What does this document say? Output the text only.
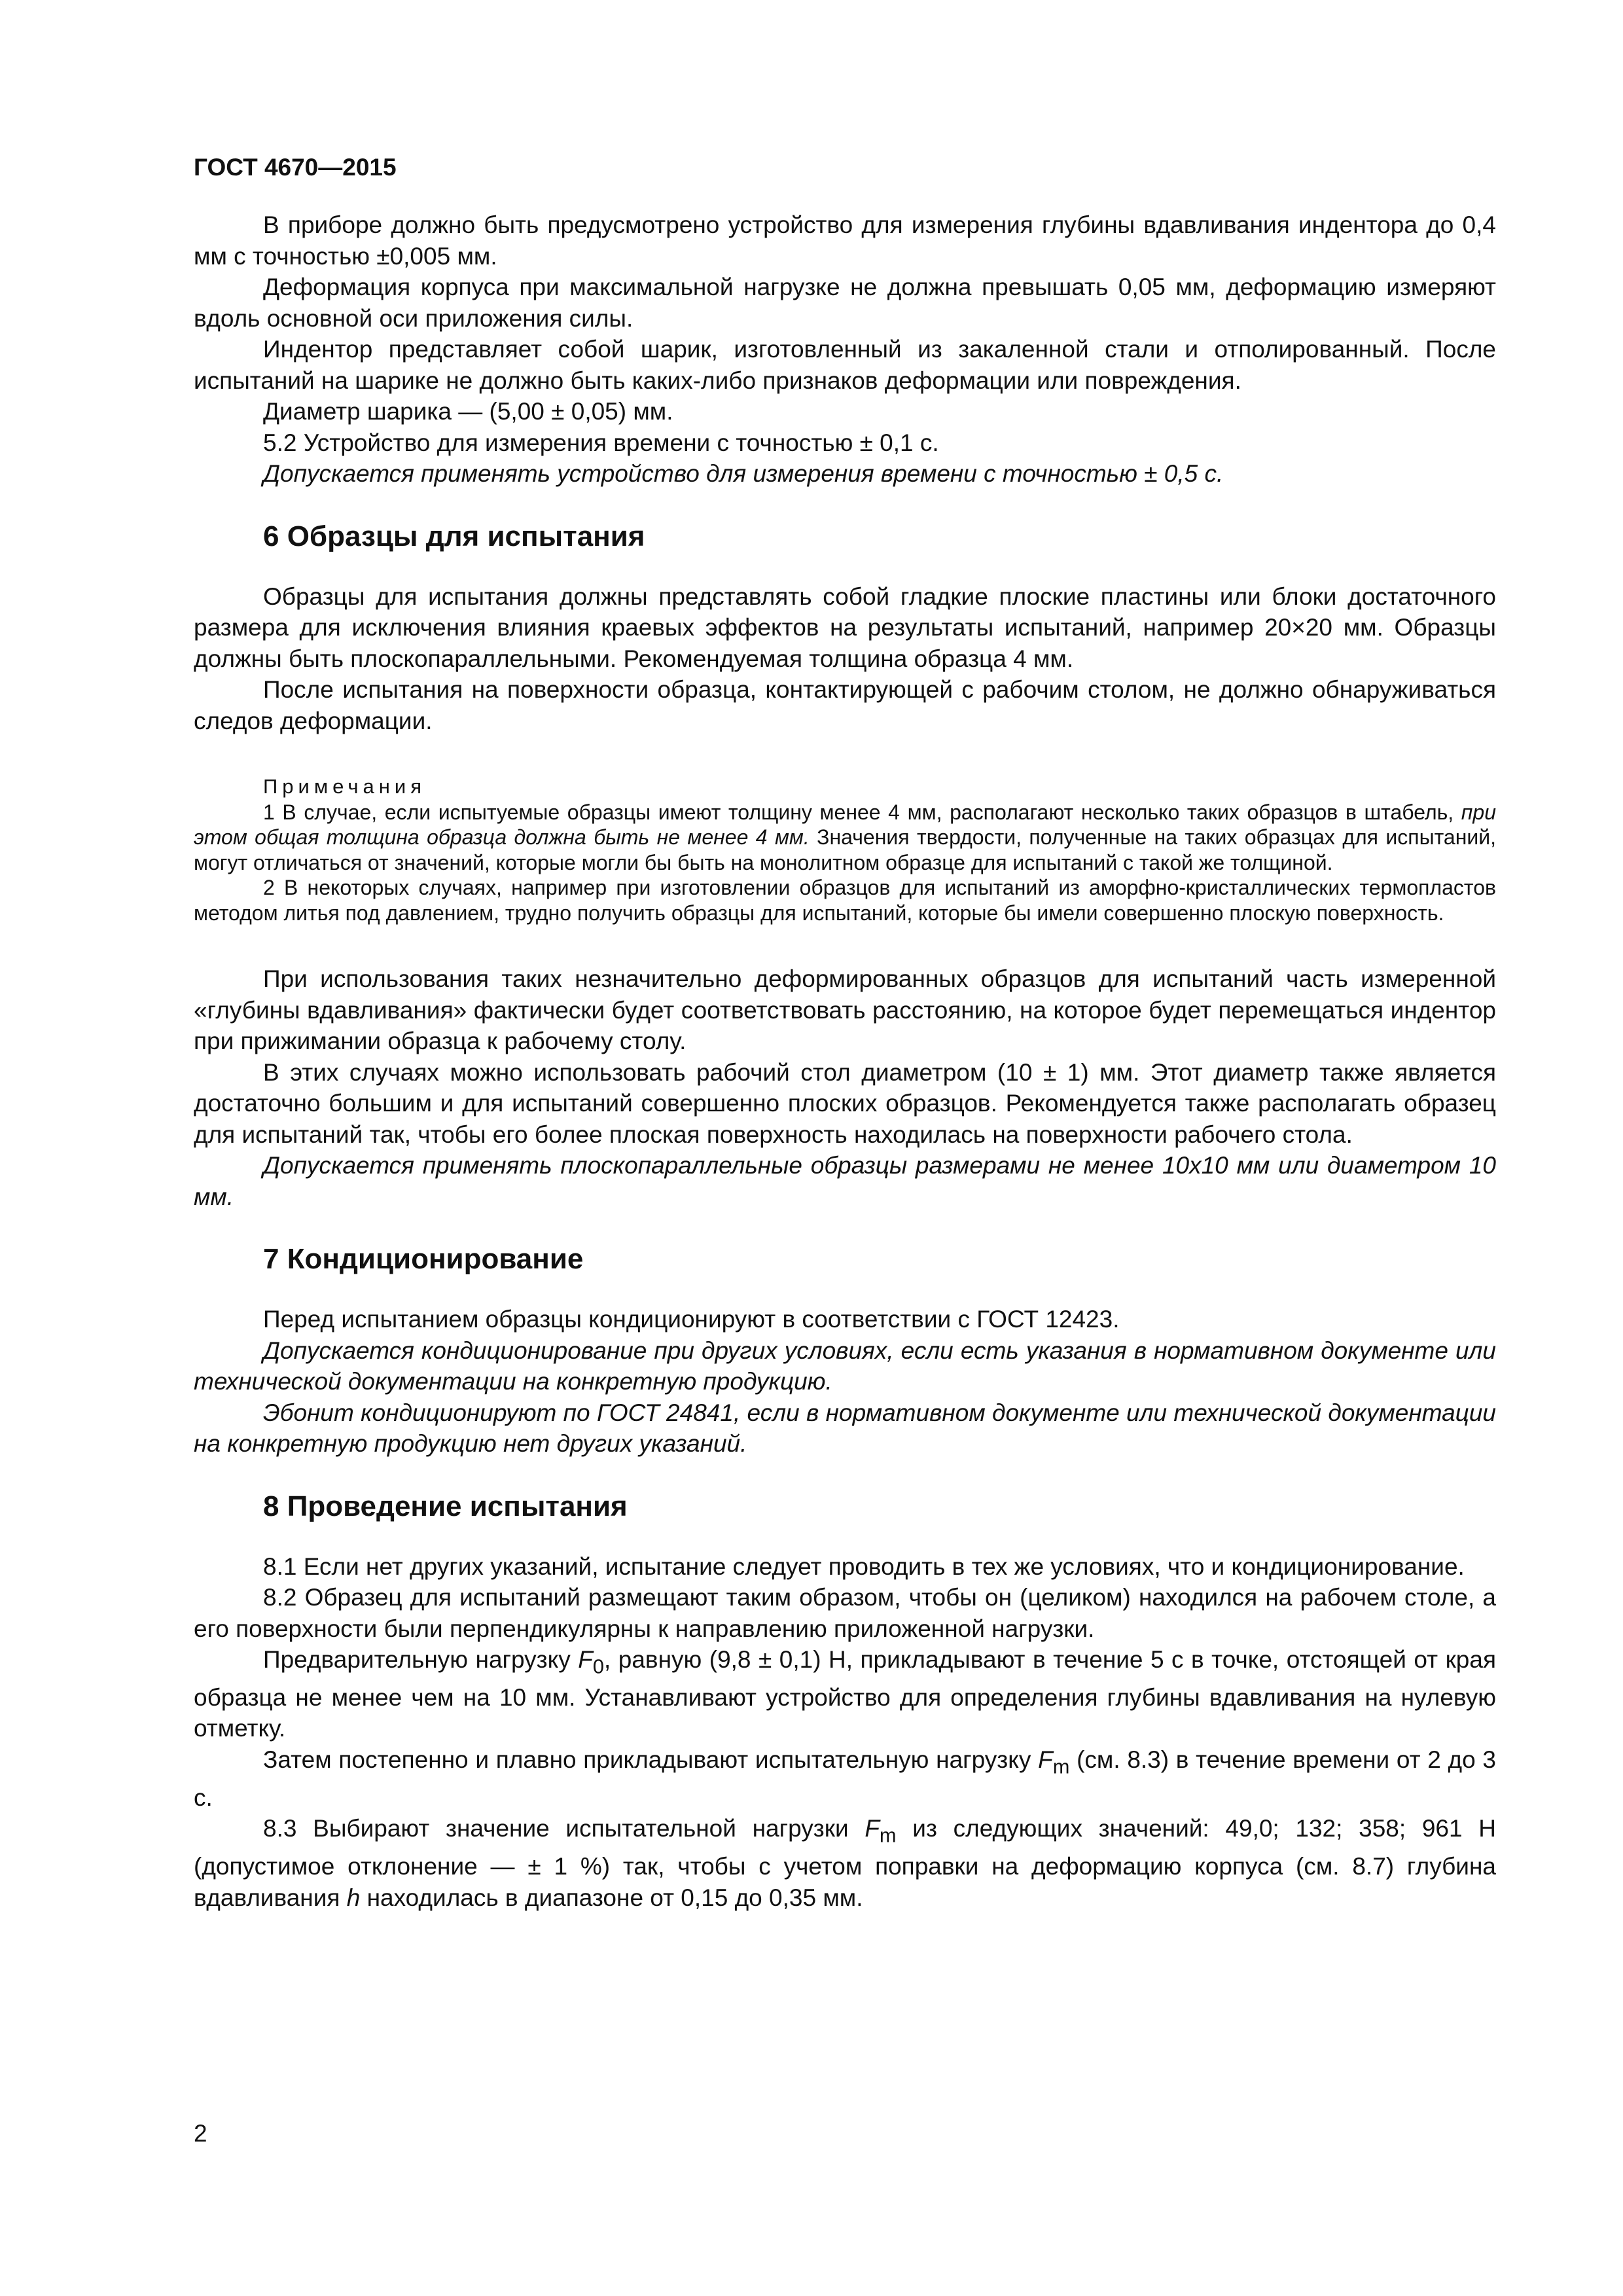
ГОСТ 4670—2015

В приборе должно быть предусмотрено устройство для измерения глубины вдавливания индентора до 0,4 мм с точностью ±0,005 мм.

Деформация корпуса при максимальной нагрузке не должна превышать 0,05 мм, деформацию измеряют вдоль основной оси приложения силы.

Индентор представляет собой шарик, изготовленный из закаленной стали и отполированный. После испытаний на шарике не должно быть каких-либо признаков деформации или повреждения.

Диаметр шарика — (5,00 ± 0,05) мм.

5.2 Устройство для измерения времени с точностью ± 0,1 с.

Допускается применять устройство для измерения времени с точностью ± 0,5 с.

6 Образцы для испытания

Образцы для испытания должны представлять собой гладкие плоские пластины или блоки достаточного размера для исключения влияния краевых эффектов на результаты испытаний, например 20×20 мм. Образцы должны быть плоскопараллельными. Рекомендуемая толщина образца 4 мм.

После испытания на поверхности образца, контактирующей с рабочим столом, не должно обнаруживаться следов деформации.

Примечания

1 В случае, если испытуемые образцы имеют толщину менее 4 мм, располагают несколько таких образцов в штабель, при этом общая толщина образца должна быть не менее 4 мм. Значения твердости, полученные на таких образцах для испытаний, могут отличаться от значений, которые могли бы быть на монолитном образце для испытаний с такой же толщиной.

2 В некоторых случаях, например при изготовлении образцов для испытаний из аморфно-кристаллических термопластов методом литья под давлением, трудно получить образцы для испытаний, которые бы имели совершенно плоскую поверхность.

При использования таких незначительно деформированных образцов для испытаний часть измеренной «глубины вдавливания» фактически будет соответствовать расстоянию, на которое будет перемещаться индентор при прижимании образца к рабочему столу.

В этих случаях можно использовать рабочий стол диаметром (10 ± 1) мм. Этот диаметр также является достаточно большим и для испытаний совершенно плоских образцов. Рекомендуется также располагать образец для испытаний так, чтобы его более плоская поверхность находилась на поверхности рабочего стола.

Допускается применять плоскопараллельные образцы размерами не менее 10х10 мм или диаметром 10 мм.

7 Кондиционирование

Перед испытанием образцы кондиционируют в соответствии с ГОСТ 12423.

Допускается кондиционирование при других условиях, если есть указания в нормативном документе или технической документации на конкретную продукцию.

Эбонит кондиционируют по ГОСТ 24841, если в нормативном документе или технической документации на конкретную продукцию нет других указаний.

8 Проведение испытания

8.1 Если нет других указаний, испытание следует проводить в тех же условиях, что и кондиционирование.

8.2 Образец для испытаний размещают таким образом, чтобы он (целиком) находился на рабочем столе, а его поверхности были перпендикулярны к направлению приложенной нагрузки.

Предварительную нагрузку $F_0$, равную (9,8 ± 0,1) Н, прикладывают в течение 5 с в точке, отстоящей от края образца не менее чем на 10 мм. Устанавливают устройство для определения глубины вдавливания на нулевую отметку.

Затем постепенно и плавно прикладывают испытательную нагрузку $F_m$ (см. 8.3) в течение времени от 2 до 3 с.

8.3 Выбирают значение испытательной нагрузки $F_m$ из следующих значений: 49,0; 132; 358; 961 Н (допустимое отклонение — ± 1 %) так, чтобы с учетом поправки на деформацию корпуса (см. 8.7) глубина вдавливания h находилась в диапазоне от 0,15 до 0,35 мм.

2
